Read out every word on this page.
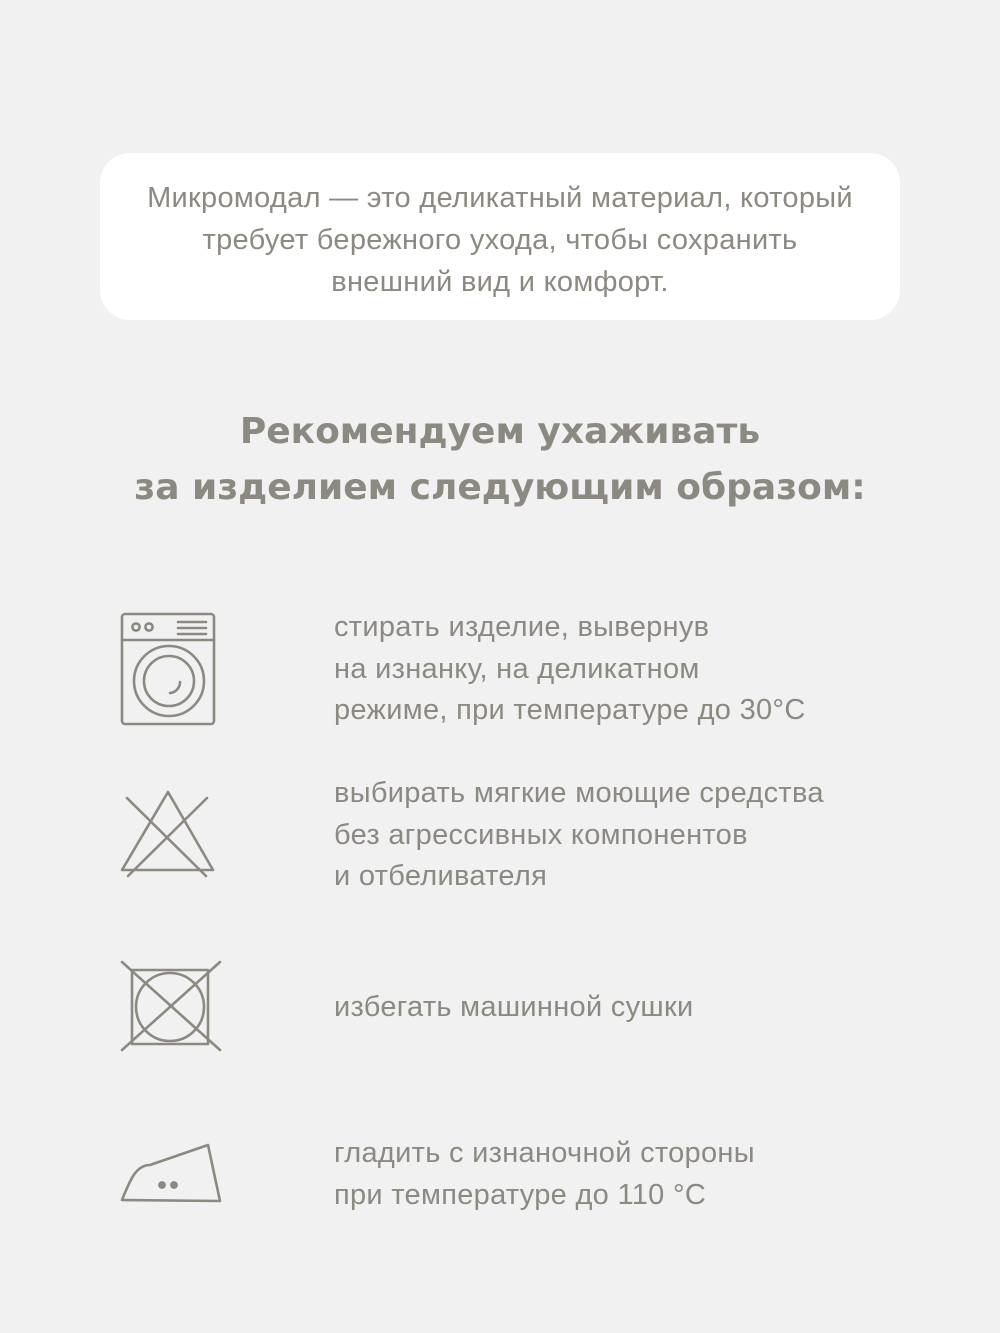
Микромодал — это деликатный материал, который
требует бережного ухода, чтобы сохранить
внешний вид и комфорт.
Рекомендуем ухаживать
за изделием следующим образом:
стирать изделие, вывернув
на изнанку, на деликатном
режиме, при температуре до 30°С
выбирать мягкие моющие средства
без агрессивных компонентов
и отбеливателя
избегать машинной сушки
гладить с изнаночной стороны
при температуре до 110 °С
